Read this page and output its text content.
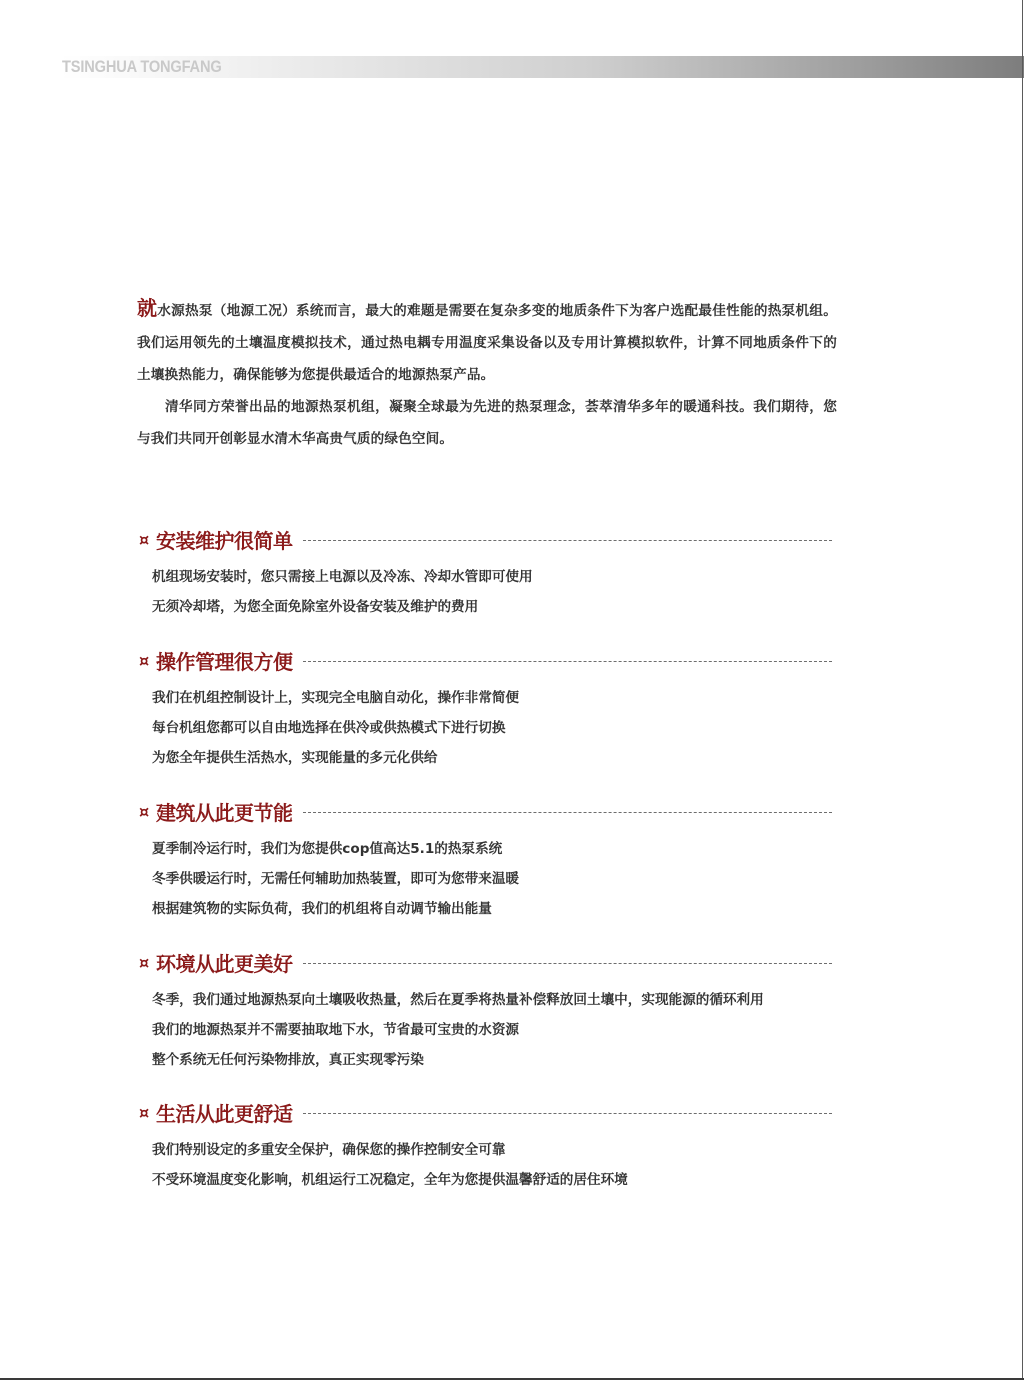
TSINGHUA TONGFANG

就水源热泵（地源工况）系统而言，最大的难题是需要在复杂多变的地质条件下为客户选配最佳性能的热泵机组。我们运用领先的土壤温度模拟技术，通过热电耦专用温度采集设备以及专用计算模拟软件，计算不同地质条件下的土壤换热能力，确保能够为您提供最适合的地源热泵产品。

清华同方荣誉出品的地源热泵机组，凝聚全球最为先进的热泵理念，荟萃清华多年的暖通科技。我们期待，您与我们共同开创彰显水清木华高贵气质的绿色空间。

¤ 安装维护很简单
机组现场安装时，您只需接上电源以及冷冻、冷却水管即可使用
无须冷却塔，为您全面免除室外设备安装及维护的费用
¤ 操作管理很方便
我们在机组控制设计上，实现完全电脑自动化，操作非常简便
每台机组您都可以自由地选择在供冷或供热模式下进行切换
为您全年提供生活热水，实现能量的多元化供给
¤ 建筑从此更节能
夏季制冷运行时，我们为您提供cop值高达5.1的热泵系统
冬季供暖运行时，无需任何辅助加热装置，即可为您带来温暖
根据建筑物的实际负荷，我们的机组将自动调节输出能量
¤ 环境从此更美好
冬季，我们通过地源热泵向土壤吸收热量，然后在夏季将热量补偿释放回土壤中，实现能源的循环利用
我们的地源热泵并不需要抽取地下水，节省最可宝贵的水资源
整个系统无任何污染物排放，真正实现零污染
¤ 生活从此更舒适
我们特别设定的多重安全保护，确保您的操作控制安全可靠
不受环境温度变化影响，机组运行工况稳定，全年为您提供温馨舒适的居住环境
